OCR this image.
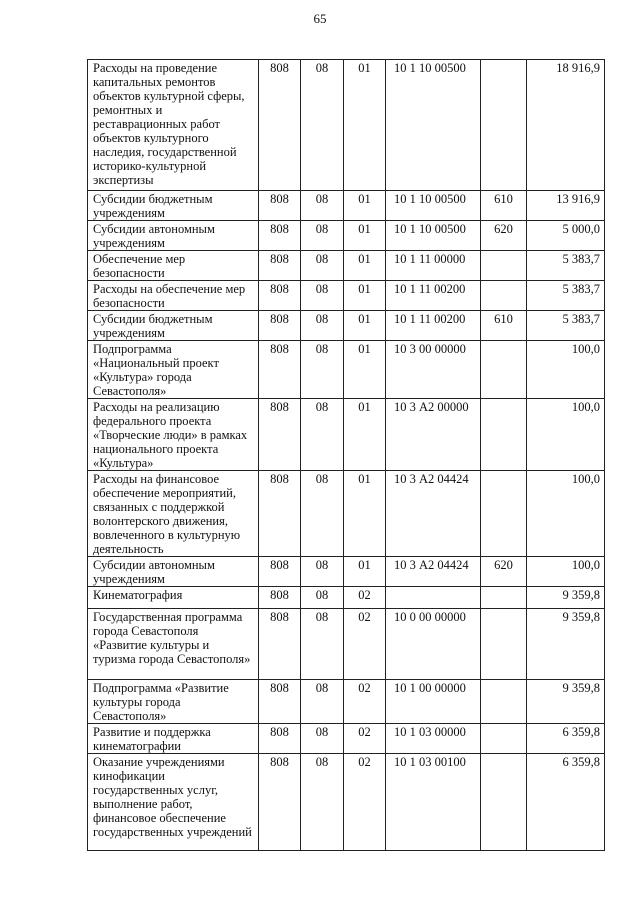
65
Расходы на проведение капитальных ремонтов объектов культурной сферы, ремонтных и реставрационных работ объектов культурного наследия, государственной историко-культурной экспертизы	808	08	01	10 1 10 00500		18 916,9
Субсидии бюджетным учреждениям	808	08	01	10 1 10 00500	610	13 916,9
Субсидии автономным учреждениям	808	08	01	10 1 10 00500	620	5 000,0
Обеспечение мер безопасности	808	08	01	10 1 11 00000		5 383,7
Расходы на обеспечение мер безопасности	808	08	01	10 1 11 00200		5 383,7
Субсидии бюджетным учреждениям	808	08	01	10 1 11 00200	610	5 383,7
Подпрограмма «Национальный проект «Культура» города Севастополя»	808	08	01	10 3 00 00000		100,0
Расходы на реализацию федерального проекта «Творческие люди» в рамках национального проекта «Культура»	808	08	01	10 3 А2 00000		100,0
Расходы на финансовое обеспечение мероприятий, связанных с поддержкой волонтерского движения, вовлеченного в культурную деятельность	808	08	01	10 3 А2 04424		100,0
Субсидии автономным учреждениям	808	08	01	10 3 А2 04424	620	100,0
Кинематография	808	08	02			9 359,8
Государственная программа города Севастополя «Развитие культуры и туризма города Севастополя»	808	08	02	10 0 00 00000		9 359,8
Подпрограмма «Развитие культуры города Севастополя»	808	08	02	10 1 00 00000		9 359,8
Развитие и поддержка кинематографии	808	08	02	10 1 03 00000		6 359,8
Оказание учреждениями кинофикации государственных услуг, выполнение работ, финансовое обеспечение государственных учреждений	808	08	02	10 1 03 00100		6 359,8
